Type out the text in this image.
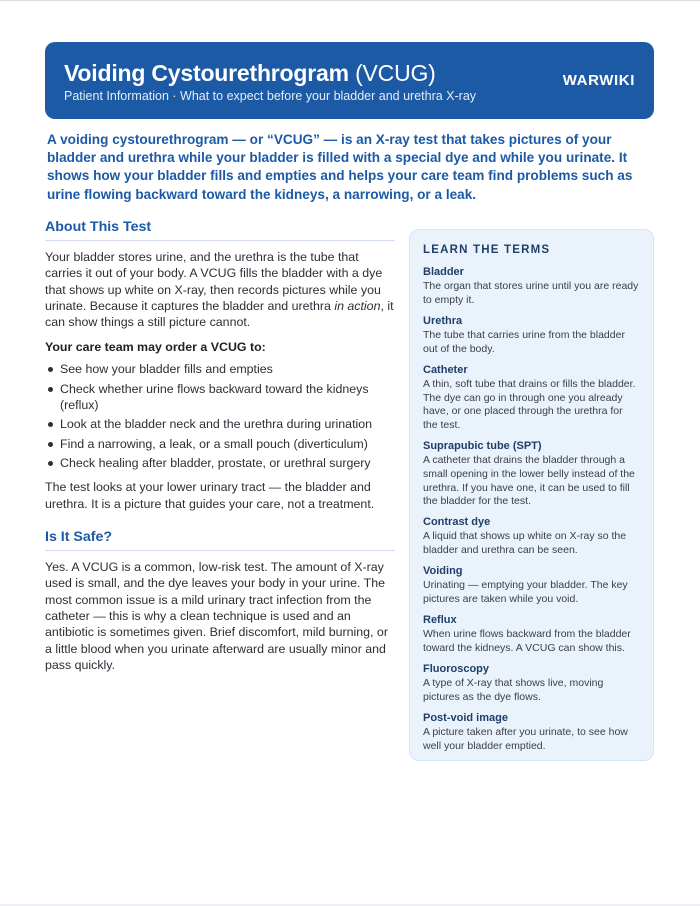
Voiding Cystourethrogram (VCUG)
Patient Information · What to expect before your bladder and urethra X-ray
WARWIKI

A voiding cystourethrogram — or “VCUG” — is an X-ray test that takes pictures of your bladder and urethra while your bladder is filled with a special dye and while you urinate. It shows how your bladder fills and empties and helps your care team find problems such as urine flowing backward toward the kidneys, a narrowing, or a leak.

About This Test

Your bladder stores urine, and the urethra is the tube that carries it out of your body. A VCUG fills the bladder with a dye that shows up white on X-ray, then records pictures while you urinate. Because it captures the bladder and urethra in action, it can show things a still picture cannot.

Your care team may order a VCUG to:

See how your bladder fills and empties
Check whether urine flows backward toward the kidneys (reflux)
Look at the bladder neck and the urethra during urination
Find a narrowing, a leak, or a small pouch (diverticulum)
Check healing after bladder, prostate, or urethral surgery

The test looks at your lower urinary tract — the bladder and urethra. It is a picture that guides your care, not a treatment.

Is It Safe?

Yes. A VCUG is a common, low-risk test. The amount of X-ray used is small, and the dye leaves your body in your urine. The most common issue is a mild urinary tract infection from the catheter — this is why a clean technique is used and an antibiotic is sometimes given. Brief discomfort, mild burning, or a little blood when you urinate afterward are usually minor and pass quickly.

LEARN THE TERMS

Bladder
The organ that stores urine until you are ready to empty it.
Urethra
The tube that carries urine from the bladder out of the body.
Catheter
A thin, soft tube that drains or fills the bladder. The dye can go in through one you already have, or one placed through the urethra for the test.
Suprapubic tube (SPT)
A catheter that drains the bladder through a small opening in the lower belly instead of the urethra. If you have one, it can be used to fill the bladder for the test.
Contrast dye
A liquid that shows up white on X-ray so the bladder and urethra can be seen.
Voiding
Urinating — emptying your bladder. The key pictures are taken while you void.
Reflux
When urine flows backward from the bladder toward the kidneys. A VCUG can show this.
Fluoroscopy
A type of X-ray that shows live, moving pictures as the dye flows.
Post-void image
A picture taken after you urinate, to see how well your bladder emptied.
